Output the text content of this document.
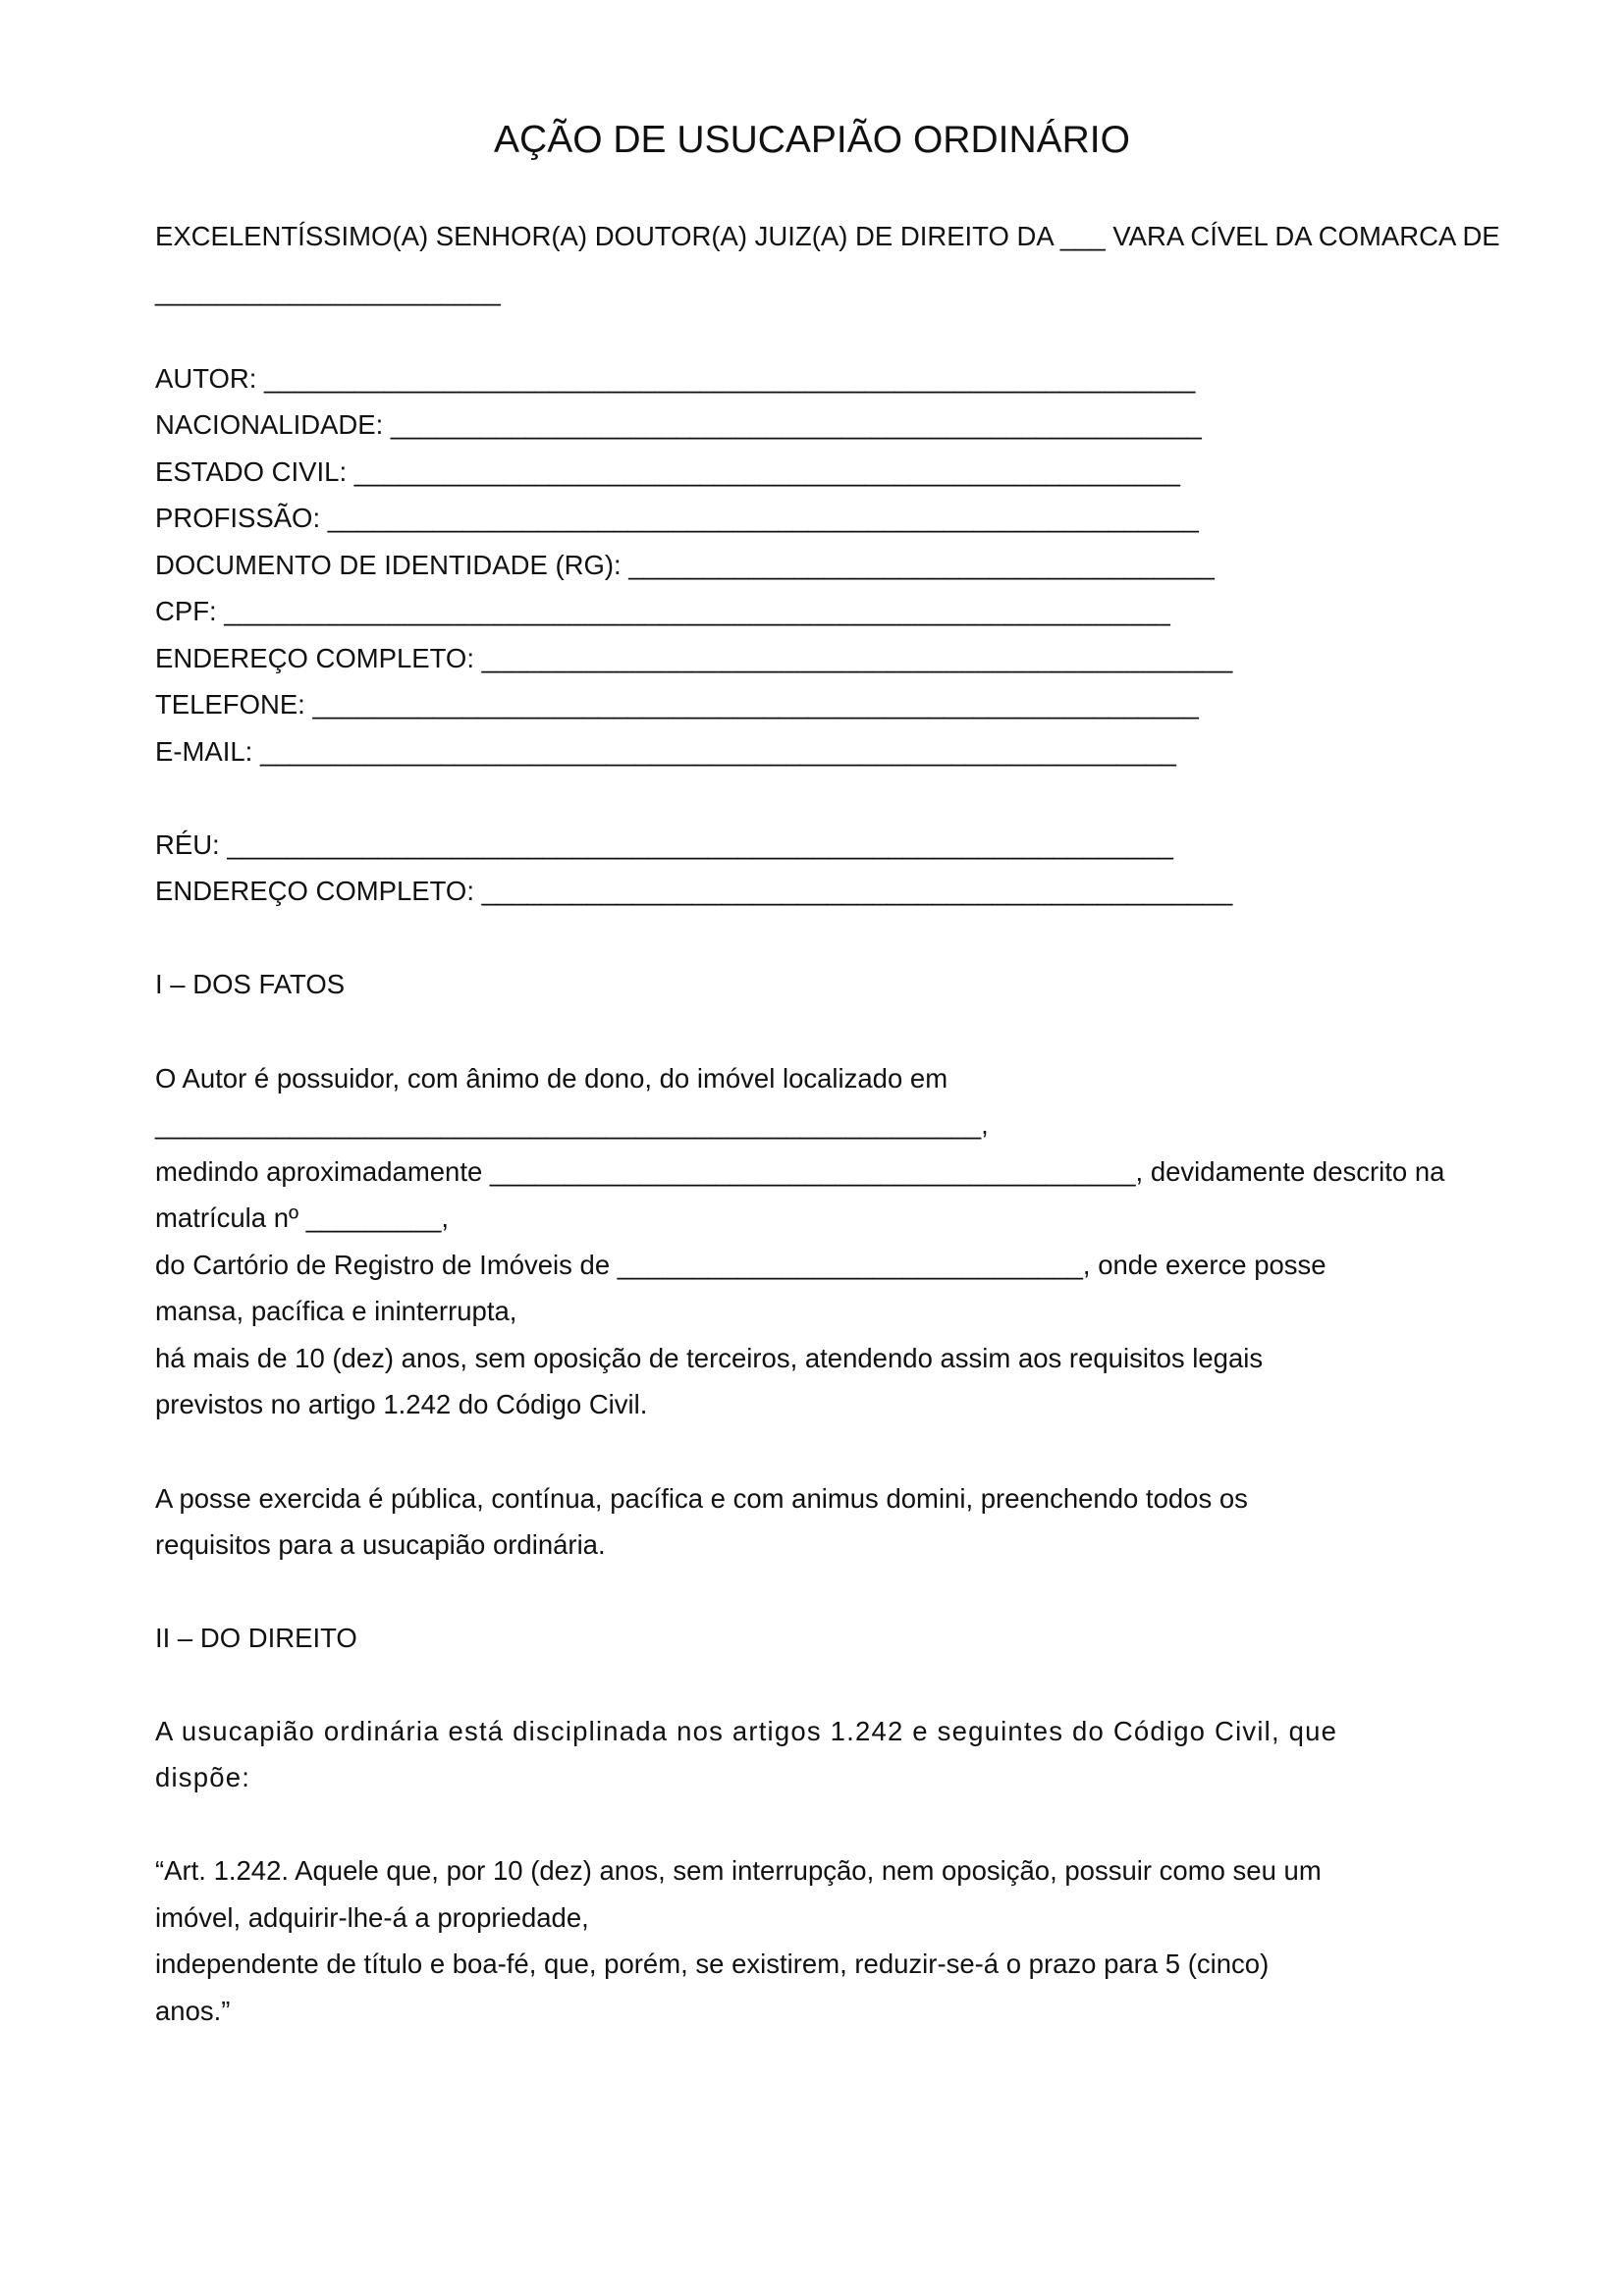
AÇÃO DE USUCAPIÃO ORDINÁRIO
EXCELENTÍSSIMO(A) SENHOR(A) DOUTOR(A) JUIZ(A) DE DIREITO DA ___ VARA CÍVEL DA COMARCA DE
_______________________
AUTOR: ______________________________________________________________
NACIONALIDADE: ______________________________________________________
ESTADO CIVIL: _______________________________________________________
PROFISSÃO: __________________________________________________________
DOCUMENTO DE IDENTIDADE (RG): _______________________________________
CPF: _______________________________________________________________
ENDEREÇO COMPLETO: __________________________________________________
TELEFONE: ___________________________________________________________
E-MAIL: _____________________________________________________________
RÉU: _______________________________________________________________
ENDEREÇO COMPLETO: __________________________________________________
I – DOS FATOS
O Autor é possuidor, com ânimo de dono, do imóvel localizado em
_______________________________________________________,
medindo aproximadamente ___________________________________________, devidamente descrito na
matrícula nº _________,
do Cartório de Registro de Imóveis de _______________________________, onde exerce posse
mansa, pacífica e ininterrupta,
há mais de 10 (dez) anos, sem oposição de terceiros, atendendo assim aos requisitos legais
previstos no artigo 1.242 do Código Civil.
A posse exercida é pública, contínua, pacífica e com animus domini, preenchendo todos os
requisitos para a usucapião ordinária.
II – DO DIREITO
A usucapião ordinária está disciplinada nos artigos 1.242 e seguintes do Código Civil, que
dispõe:
“Art. 1.242. Aquele que, por 10 (dez) anos, sem interrupção, nem oposição, possuir como seu um
imóvel, adquirir-lhe-á a propriedade,
independente de título e boa-fé, que, porém, se existirem, reduzir-se-á o prazo para 5 (cinco)
anos.”
